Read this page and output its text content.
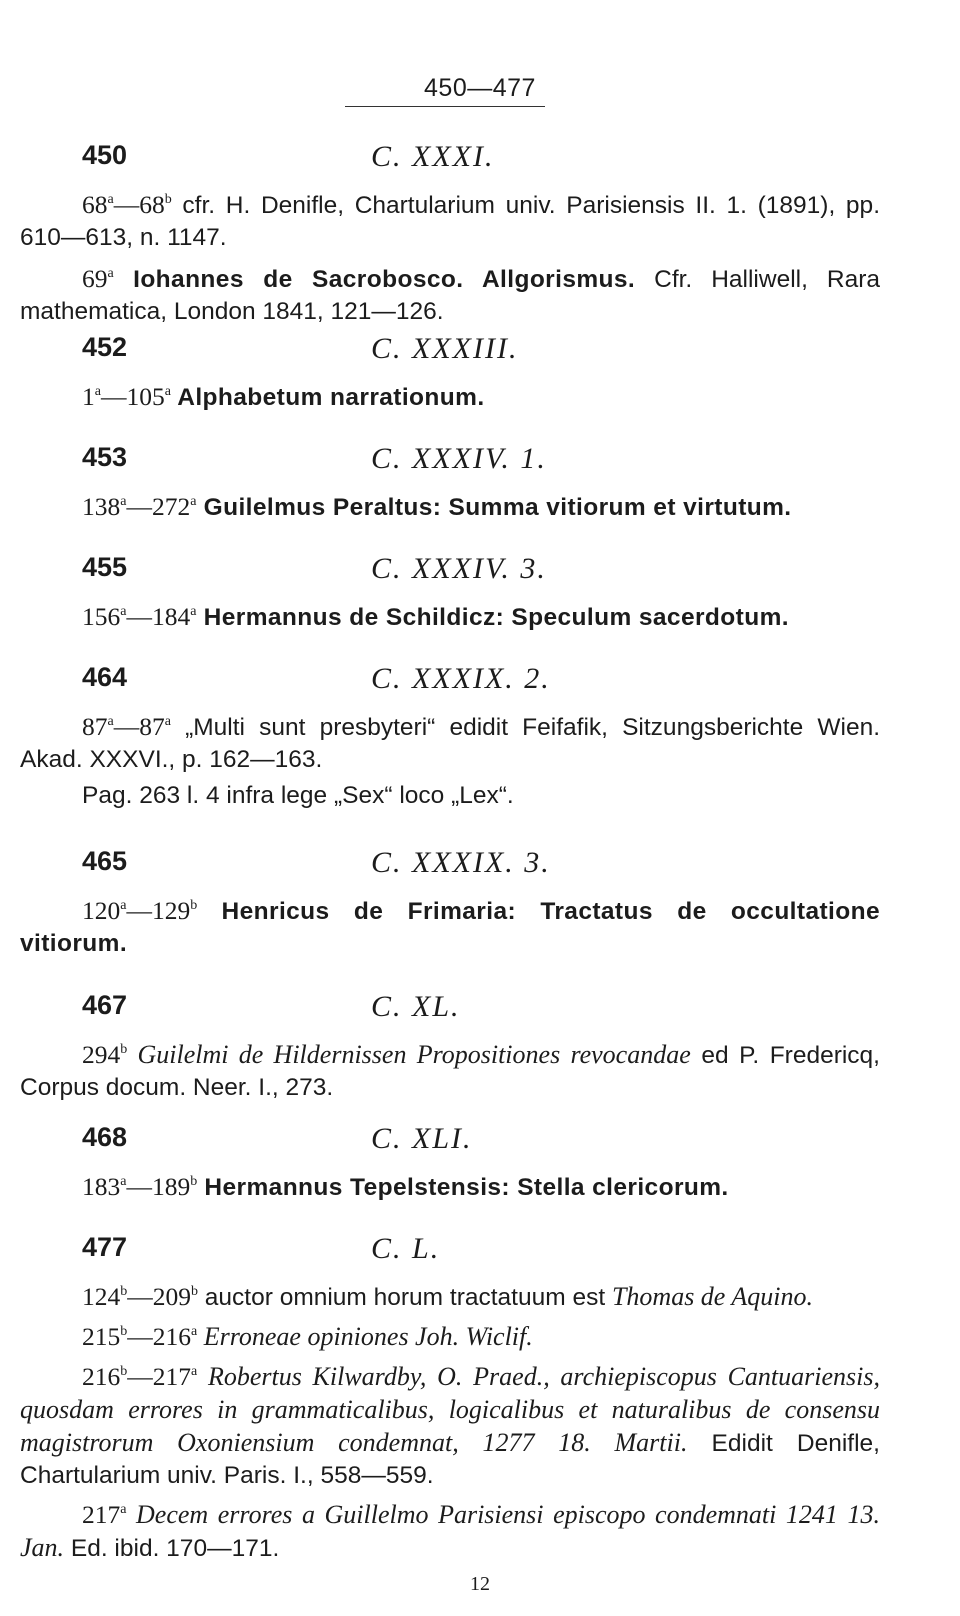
450—477
450	C. XXXI.
68$^a$—68$^b$ cfr. H. Denifle, Chartularium univ. Parisiensis II. 1. (1891), pp. 610—613, n. 1147.
69$^a$ Iohannes de Sacrobosco. Allgorismus. Cfr. Halliwell, Rara mathematica, London 1841, 121—126.
452	C. XXXIII.
1$^a$—105$^a$ Alphabetum narrationum.
453	C. XXXIV. 1.
138$^a$—272$^a$ Guilelmus Peraltus: Summa vitiorum et virtutum.
455	C. XXXIV. 3.
156$^a$—184$^a$ Hermannus de Schildicz: Speculum sacerdotum.
464	C. XXXIX. 2.
87$^a$—87$^a$ „Multi sunt presbyteri“ edidit Feifafik, Sitzungsberichte Wien. Akad. XXXVI., p. 162—163.
Pag. 263 l. 4 infra lege „Sex“ loco „Lex“.
465	C. XXXIX. 3.
120$^a$—129$^b$ Henricus de Frimaria: Tractatus de occultatione vitiorum.
467	C. XL.
294$^b$ Guilelmi de Hildernissen Propositiones revocandae ed P. Fredericq, Corpus docum. Neer. I., 273.
468	C. XLI.
183$^a$—189$^b$ Hermannus Tepelstensis: Stella clericorum.
477	C. L.
124$^b$—209$^b$ auctor omnium horum tractatuum est Thomas de Aquino.
215$^b$—216$^a$ Erroneae opiniones Joh. Wiclif.
216$^b$—217$^a$ Robertus Kilwardby, O. Praed., archiepiscopus Cantuariensis, quosdam errores in grammaticalibus, logicalibus et naturalibus de consensu magistrorum Oxoniensium condemnat, 1277 18. Martii. Edidit Denifle, Chartularium univ. Paris. I., 558—559.
217$^a$ Decem errores a Guillelmo Parisiensi episcopo condemnati 1241 13. Jan. Ed. ibid. 170—171.
12
